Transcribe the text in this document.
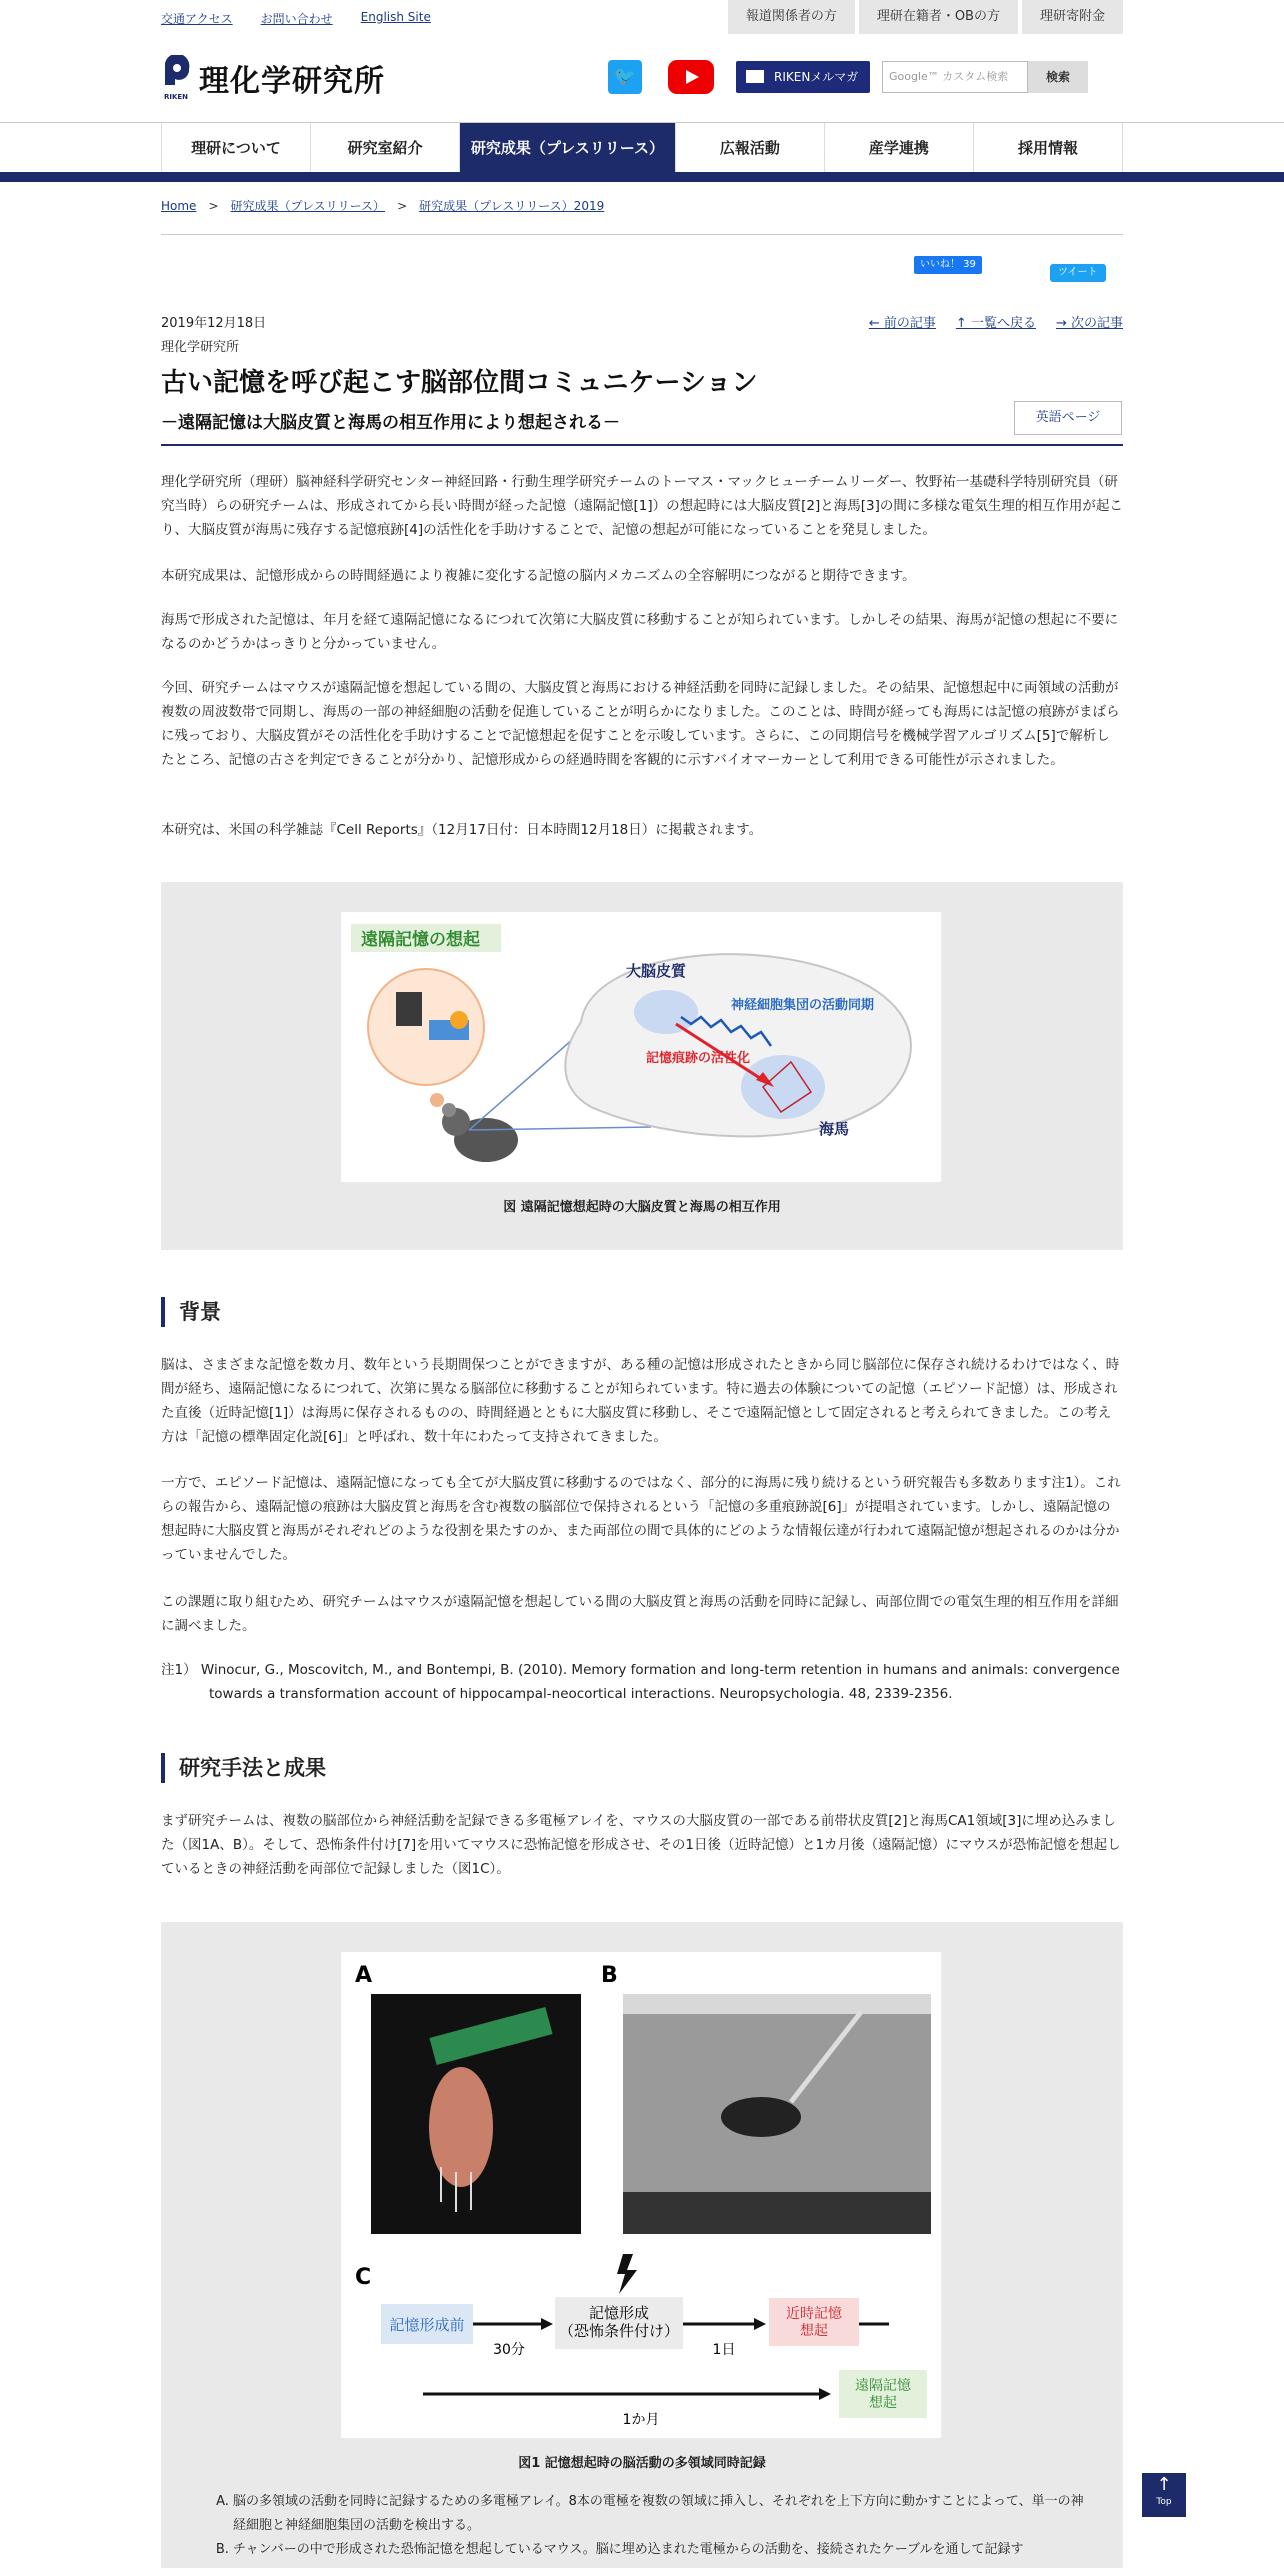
交通アクセス お問い合わせ English Site	報道関係者の方	理研在籍者・OBの方	理研寄附金
RIKEN 理化学研究所	🐦	RIKENメルマガ	Google™ カスタム検索	検索
理研について	研究室紹介	研究成果（プレスリリース）	広報活動	産学連携	採用情報
Home > 研究成果（プレスリリース） > 研究成果（プレスリリース）2019
いいね！ 39
ツイート
2019年12月18日
理化学研究所
← 前の記事 ↑ 一覧へ戻る → 次の記事
古い記憶を呼び起こす脳部位間コミュニケーション
－遠隔記憶は大脳皮質と海馬の相互作用により想起される－	英語ページ
理化学研究所（理研）脳神経科学研究センター神経回路・行動生理学研究チームのトーマス・マックヒューチームリーダー、牧野祐一基礎科学特別研究員（研究当時）らの研究チームは、形成されてから長い時間が経った記憶（遠隔記憶[1]）の想起時には大脳皮質[2]と海馬[3]の間に多様な電気生理的相互作用が起こり、大脳皮質が海馬に残存する記憶痕跡[4]の活性化を手助けすることで、記憶の想起が可能になっていることを発見しました。
本研究成果は、記憶形成からの時間経過により複雑に変化する記憶の脳内メカニズムの全容解明につながると期待できます。
海馬で形成された記憶は、年月を経て遠隔記憶になるにつれて次第に大脳皮質に移動することが知られています。しかしその結果、海馬が記憶の想起に不要になるのかどうかはっきりと分かっていません。
今回、研究チームはマウスが遠隔記憶を想起している間の、大脳皮質と海馬における神経活動を同時に記録しました。その結果、記憶想起中に両領域の活動が複数の周波数帯で同期し、海馬の一部の神経細胞の活動を促進していることが明らかになりました。このことは、時間が経っても海馬には記憶の痕跡がまばらに残っており、大脳皮質がその活性化を手助けすることで記憶想起を促すことを示唆しています。さらに、この同期信号を機械学習アルゴリズム[5]で解析したところ、記憶の古さを判定できることが分かり、記憶形成からの経過時間を客観的に示すバイオマーカーとして利用できる可能性が示されました。
本研究は、米国の科学雑誌『Cell Reports』（12月17日付：日本時間12月18日）に掲載されます。
遠隔記憶の想起
大脳皮質
神経細胞集団の活動同期
記憶痕跡の活性化
海馬
図 遠隔記憶想起時の大脳皮質と海馬の相互作用
背景
脳は、さまざまな記憶を数カ月、数年という長期間保つことができますが、ある種の記憶は形成されたときから同じ脳部位に保存され続けるわけではなく、時間が経ち、遠隔記憶になるにつれて、次第に異なる脳部位に移動することが知られています。特に過去の体験についての記憶（エピソード記憶）は、形成された直後（近時記憶[1]）は海馬に保存されるものの、時間経過とともに大脳皮質に移動し、そこで遠隔記憶として固定されると考えられてきました。この考え方は「記憶の標準固定化説[6]」と呼ばれ、数十年にわたって支持されてきました。
一方で、エピソード記憶は、遠隔記憶になっても全てが大脳皮質に移動するのではなく、部分的に海馬に残り続けるという研究報告も多数あります注1）。これらの報告から、遠隔記憶の痕跡は大脳皮質と海馬を含む複数の脳部位で保持されるという「記憶の多重痕跡説[6]」が提唱されています。しかし、遠隔記憶の想起時に大脳皮質と海馬がそれぞれどのような役割を果たすのか、また両部位の間で具体的にどのような情報伝達が行われて遠隔記憶が想起されるのかは分かっていませんでした。
この課題に取り組むため、研究チームはマウスが遠隔記憶を想起している間の大脳皮質と海馬の活動を同時に記録し、両部位間での電気生理的相互作用を詳細に調べました。
注1） Winocur, G., Moscovitch, M., and Bontempi, B. (2010). Memory formation and long-term retention in humans and animals: convergence towards a transformation account of hippocampal-neocortical interactions. Neuropsychologia. 48, 2339-2356.
研究手法と成果
まず研究チームは、複数の脳部位から神経活動を記録できる多電極アレイを、マウスの大脳皮質の一部である前帯状皮質[2]と海馬CA1領域[3]に埋め込みました（図1A、B）。そして、恐怖条件付け[7]を用いてマウスに恐怖記憶を形成させ、その1日後（近時記憶）と1カ月後（遠隔記憶）にマウスが恐怖記憶を想起しているときの神経活動を両部位で記録しました（図1C）。
A	B
C
記憶形成前
30分
記憶形成（恐怖条件付け）
1日
近時記憶想起
1か月
遠隔記憶想起
図1 記憶想起時の脳活動の多領域同時記録
A. 脳の多領域の活動を同時に記録するための多電極アレイ。8本の電極を複数の領域に挿入し、それぞれを上下方向に動かすことによって、単一の神経細胞と神経細胞集団の活動を検出する。
B. チャンバーの中で形成された恐怖記憶を想起しているマウス。脳に埋め込まれた電極からの活動を、接続されたケーブルを通して記録す
↑
Top
